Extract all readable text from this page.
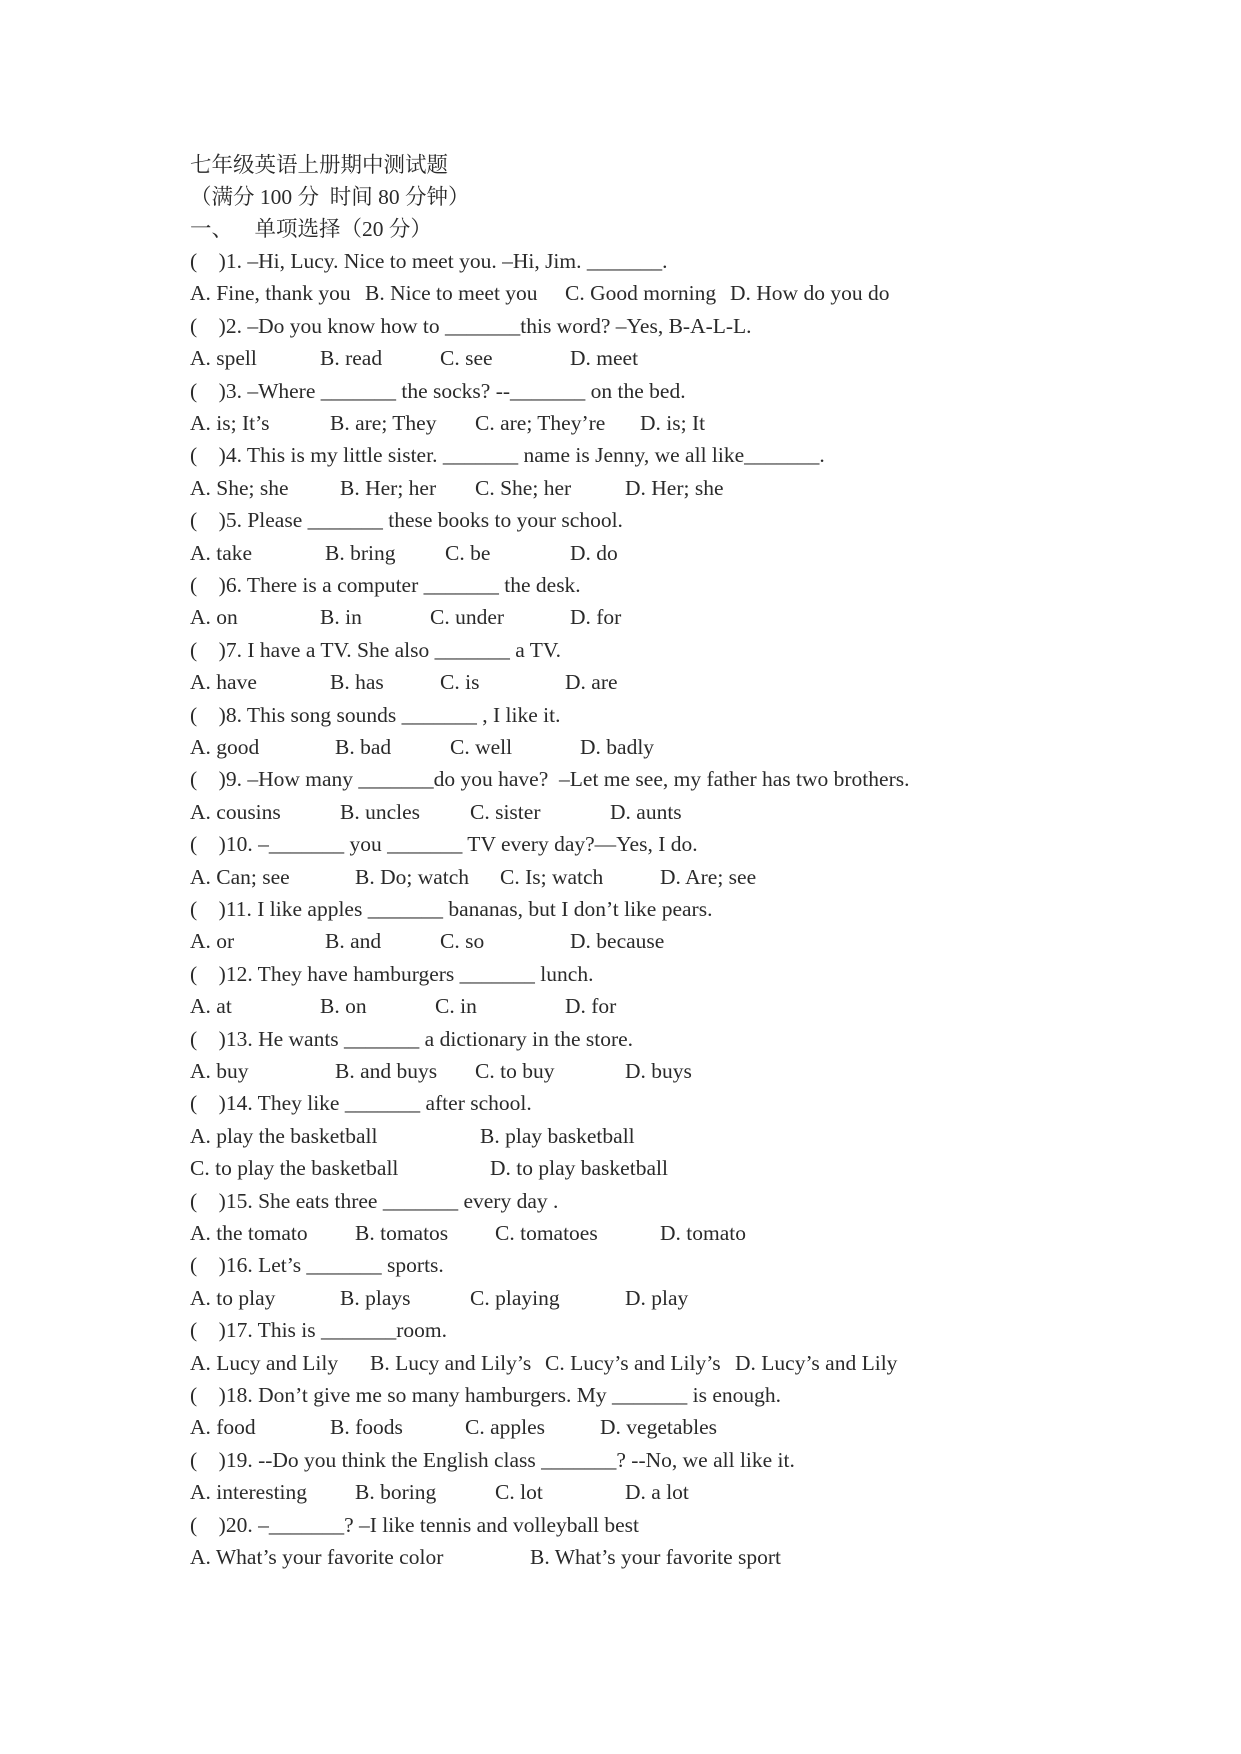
七年级英语上册期中测试题
（满分 100 分  时间 80 分钟）
一、    单项选择（20 分）
(    )1. –Hi, Lucy. Nice to meet you. –Hi, Jim. _______.
A. Fine, thank you B. Nice to meet you C. Good morning D. How do you do
(    )2. –Do you know how to _______this word? –Yes, B-A-L-L.
A. spell	B. read	C. see	D. meet
(    )3. –Where _______ the socks? --_______ on the bed.
A. is; It’s	B. are; They C. are; They’re D. is; It
(    )4. This is my little sister. _______ name is Jenny, we all like_______.
A. She; she B. Her; her C. She; her	D. Her; she
(    )5. Please _______ these books to your school.
A. take	B. bring C. be	D. do
(    )6. There is a computer _______ the desk.
A. on	B. in	C. under	D. for
(    )7. I have a TV. She also _______ a TV.
A. have	B. has	C. is	D. are
(    )8. This song sounds _______ , I like it.
A. good	B. bad	C. well	D. badly
(    )9. –How many _______do you have?  –Let me see, my father has two brothers.
A. cousins	B. uncles C. sister	D. aunts
(    )10. –_______ you _______ TV every day?—Yes, I do.
A. Can; see	B. Do; watch C. Is; watch	D. Are; see
(    )11. I like apples _______ bananas, but I don’t like pears.
A. or	B. and	C. so	D. because
(    )12. They have hamburgers _______ lunch.
A. at	B. on	C. in	D. for
(    )13. He wants _______ a dictionary in the store.
A. buy	B. and buys C. to buy	D. buys
(    )14. They like _______ after school.
A. play the basketball	B. play basketball
C. to play the basketball	D. to play basketball
(    )15. She eats three _______ every day .
A. the tomato B. tomatos C. tomatoes	D. tomato
(    )16. Let’s _______ sports.
A. to play	B. plays	C. playing	D. play
(    )17. This is _______room.
A. Lucy and Lily B. Lucy and Lily’s C. Lucy’s and Lily’s D. Lucy’s and Lily
(    )18. Don’t give me so many hamburgers. My _______ is enough.
A. food	B. foods	C. apples	D. vegetables
(    )19. --Do you think the English class _______? --No, we all like it.
A. interesting B. boring	C. lot	D. a lot
(    )20. –_______? –I like tennis and volleyball best
A. What’s your favorite color	B. What’s your favorite sport
